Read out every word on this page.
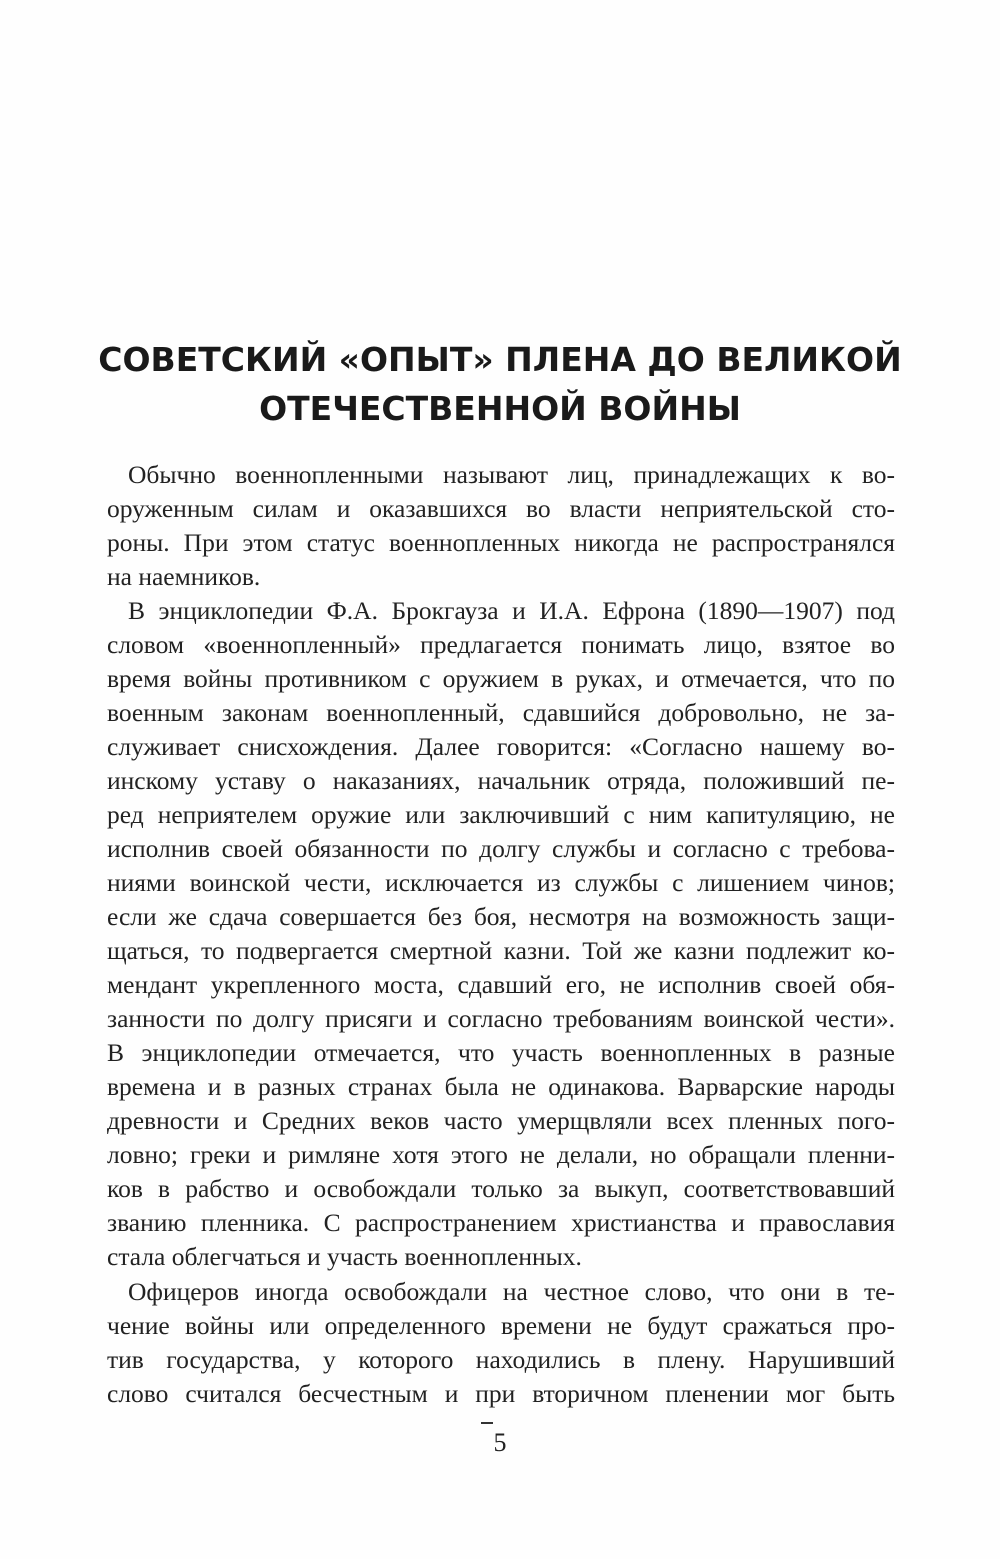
СОВЕТСКИЙ «ОПЫТ» ПЛЕНА ДО ВЕЛИКОЙ
ОТЕЧЕСТВЕННОЙ ВОЙНЫ
Обычно военнопленными называют лиц, принадлежащих к во-
оруженным силам и оказавшихся во власти неприятельской сто-
роны. При этом статус военнопленных никогда не распространялся
на наемников.
В энциклопедии Ф.А. Брокгауза и И.А. Ефрона (1890—1907) под
словом «военнопленный» предлагается понимать лицо, взятое во
время войны противником с оружием в руках, и отмечается, что по
военным законам военнопленный, сдавшийся добровольно, не за-
служивает снисхождения. Далее говорится: «Согласно нашему во-
инскому уставу о наказаниях, начальник отряда, положивший пе-
ред неприятелем оружие или заключивший с ним капитуляцию, не
исполнив своей обязанности по долгу службы и согласно с требова-
ниями воинской чести, исключается из службы с лишением чинов;
если же сдача совершается без боя, несмотря на возможность защи-
щаться, то подвергается смертной казни. Той же казни подлежит ко-
мендант укрепленного моста, сдавший его, не исполнив своей обя-
занности по долгу присяги и согласно требованиям воинской чести».
В энциклопедии отмечается, что участь военнопленных в разные
времена и в разных странах была не одинакова. Варварские народы
древности и Средних веков часто умерщвляли всех пленных пого-
ловно; греки и римляне хотя этого не делали, но обращали пленни-
ков в рабство и освобождали только за выкуп, соответствовавший
званию пленника. С распространением христианства и православия
стала облегчаться и участь военнопленных.
Офицеров иногда освобождали на честное слово, что они в те-
чение войны или определенного времени не будут сражаться про-
тив государства, у которого находились в плену. Нарушивший
слово считался бесчестным и при вторичном пленении мог быть
5
